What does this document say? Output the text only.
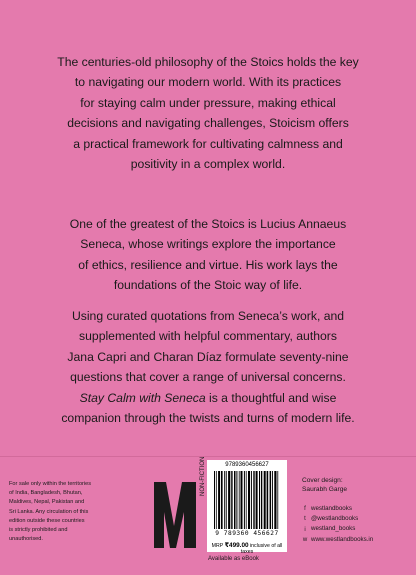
The centuries-old philosophy of the Stoics holds the key
to navigating our modern world. With its practices
for staying calm under pressure, making ethical
decisions and navigating challenges, Stoicism offers
a practical framework for cultivating calmness and
positivity in a complex world.

One of the greatest of the Stoics is Lucius Annaeus
Seneca, whose writings explore the importance
of ethics, resilience and virtue. His work lays the
foundations of the Stoic way of life.

Using curated quotations from Seneca’s work, and
supplemented with helpful commentary, authors
Jana Capri and Charan Díaz formulate seventy-nine
questions that cover a range of universal concerns.
Stay Calm with Seneca is a thoughtful and wise
companion through the twists and turns of modern life.

For sale only within the territories
of India, Bangladesh, Bhutan,
Maldives, Nepal, Pakistan and
Sri Lanka. Any circulation of this
edition outside these countries
is strictly prohibited and
unauthorised.
NON-FICTION	9789360456627
9 789360 456627
MRP ₹499.00 inclusive of all taxes
Available as eBook
Cover design:
Saurabh Garge
f westlandbooks
t @westlandbooks
i westland_books
w www.westlandbooks.in
